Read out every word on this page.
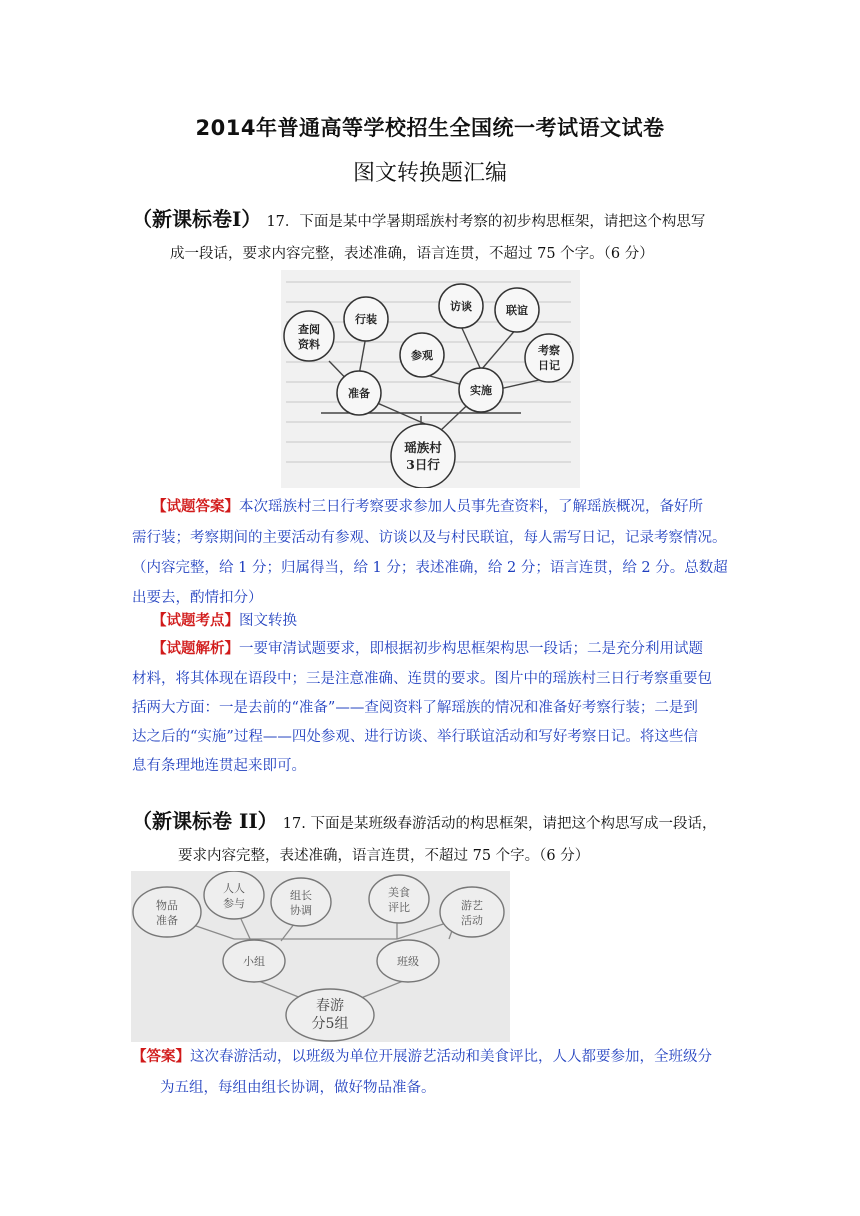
2014年普通高等学校招生全国统一考试语文试卷
图文转换题汇编
（新课标卷Ⅰ） 17．下面是某中学暑期瑶族村考察的初步构思框架，请把这个构思写
成一段话，要求内容完整，表述准确，语言连贯，不超过 75 个字。（6 分）
查阅
资料
行装
准备
参观
访谈	联谊
实施
考察
日记
瑶族村
3日行
【试题答案】本次瑶族村三日行考察要求参加人员事先查资料，了解瑶族概况，备好所
需行装；考察期间的主要活动有参观、访谈以及与村民联谊，每人需写日记，记录考察情况。
（内容完整，给 1 分；归属得当，给 1 分；表述准确，给 2 分；语言连贯，给 2 分。总数超
出要去，酌情扣分）
【试题考点】图文转换
【试题解析】一要审清试题要求，即根据初步构思框架构思一段话；二是充分利用试题
材料，将其体现在语段中；三是注意准确、连贯的要求。图片中的瑶族村三日行考察重要包
括两大方面：一是去前的“准备”——查阅资料了解瑶族的情况和准备好考察行装；二是到
达之后的“实施”过程——四处参观、进行访谈、举行联谊活动和写好考察日记。将这些信
息有条理地连贯起来即可。
（新课标卷 II） 17. 下面是某班级春游活动的构思框架，请把这个构思写成一段话，
要求内容完整，表述准确，语言连贯，不超过 75 个字。（6 分）
物品
准备
人人
参与
组长
协调
小组
美食
评比	游艺
活动
班级
春游
分5组
【答案】这次春游活动，以班级为单位开展游艺活动和美食评比，人人都要参加，全班级分
为五组，每组由组长协调，做好物品准备。
